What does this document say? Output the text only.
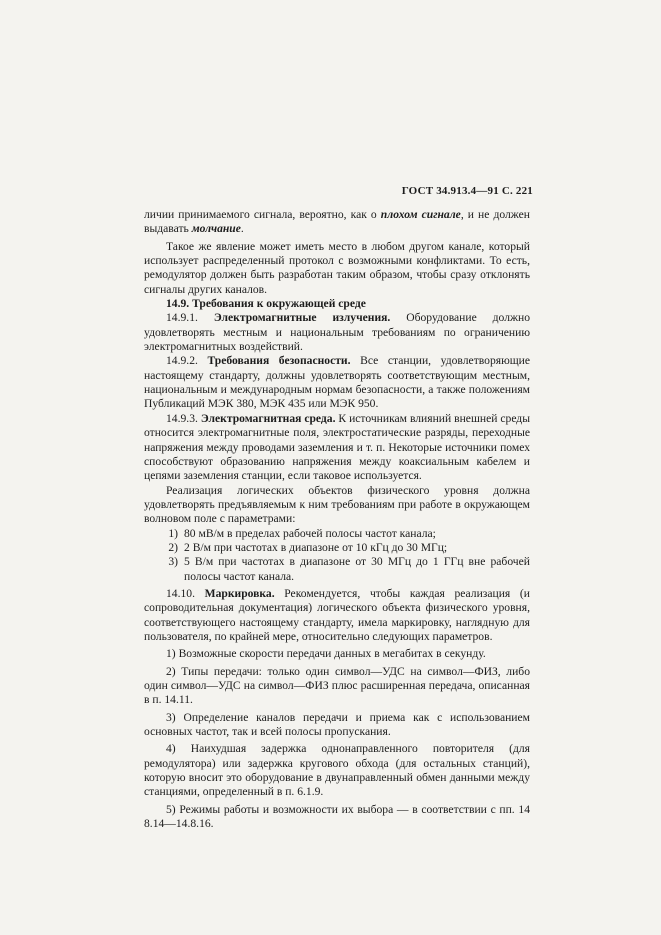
ГОСТ 34.913.4—91 С. 221

личии принимаемого сигнала, вероятно, как о плохом сигнале, и не должен выдавать молчание.

Такое же явление может иметь место в любом другом канале, который использует распределенный протокол с возможными конфликтами. То есть, ремодулятор должен быть разработан таким образом, чтобы сразу отклонять сигналы других каналов.

14.9. Требования к окружающей среде

14.9.1. Электромагнитные излучения. Оборудование должно удовлетворять местным и национальным требованиям по ограничению электромагнитных воздействий.

14.9.2. Требования безопасности. Все станции, удовлетворяющие настоящему стандарту, должны удовлетворять соответствующим местным, национальным и международным нормам безопасности, а также положениям Публикаций МЭК 380, МЭК 435 или МЭК 950.

14.9.3. Электромагнитная среда. К источникам влияний внешней среды относится электромагнитные поля, электростатические разряды, переходные напряжения между проводами заземления и т. п. Некоторые источники помех способствуют образованию напряжения между коаксиальным кабелем и цепями заземления станции, если таковое используется.

Реализация логических объектов физического уровня должна удовлетворять предъявляемым к ним требованиям при работе в окружающем волновом поле с параметрами:

1) 80 мВ/м в пределах рабочей полосы частот канала;
2) 2 В/м при частотах в диапазоне от 10 кГц до 30 МГц;
3) 5 В/м при частотах в диапазоне от 30 МГц до 1 ГГц вне рабочей полосы частот канала.

14.10. Маркировка. Рекомендуется, чтобы каждая реализация (и сопроводительная документация) логического объекта физического уровня, соответствующего настоящему стандарту, имела маркировку, наглядную для пользователя, по крайней мере, относительно следующих параметров.

1) Возможные скорости передачи данных в мегабитах в секунду.

2) Типы передачи: только один символ—УДС на символ—ФИЗ, либо один символ—УДС на символ—ФИЗ плюс расширенная передача, описанная в п. 14.11.

3) Определение каналов передачи и приема как с использованием основных частот, так и всей полосы пропускания.

4) Наихудшая задержка однонаправленного повторителя (для ремодулятора) или задержка кругового обхода (для остальных станций), которую вносит это оборудование в двунаправленный обмен данными между станциями, определенный в п. 6.1.9.

5) Режимы работы и возможности их выбора — в соответствии с пп. 14 8.14—14.8.16.
